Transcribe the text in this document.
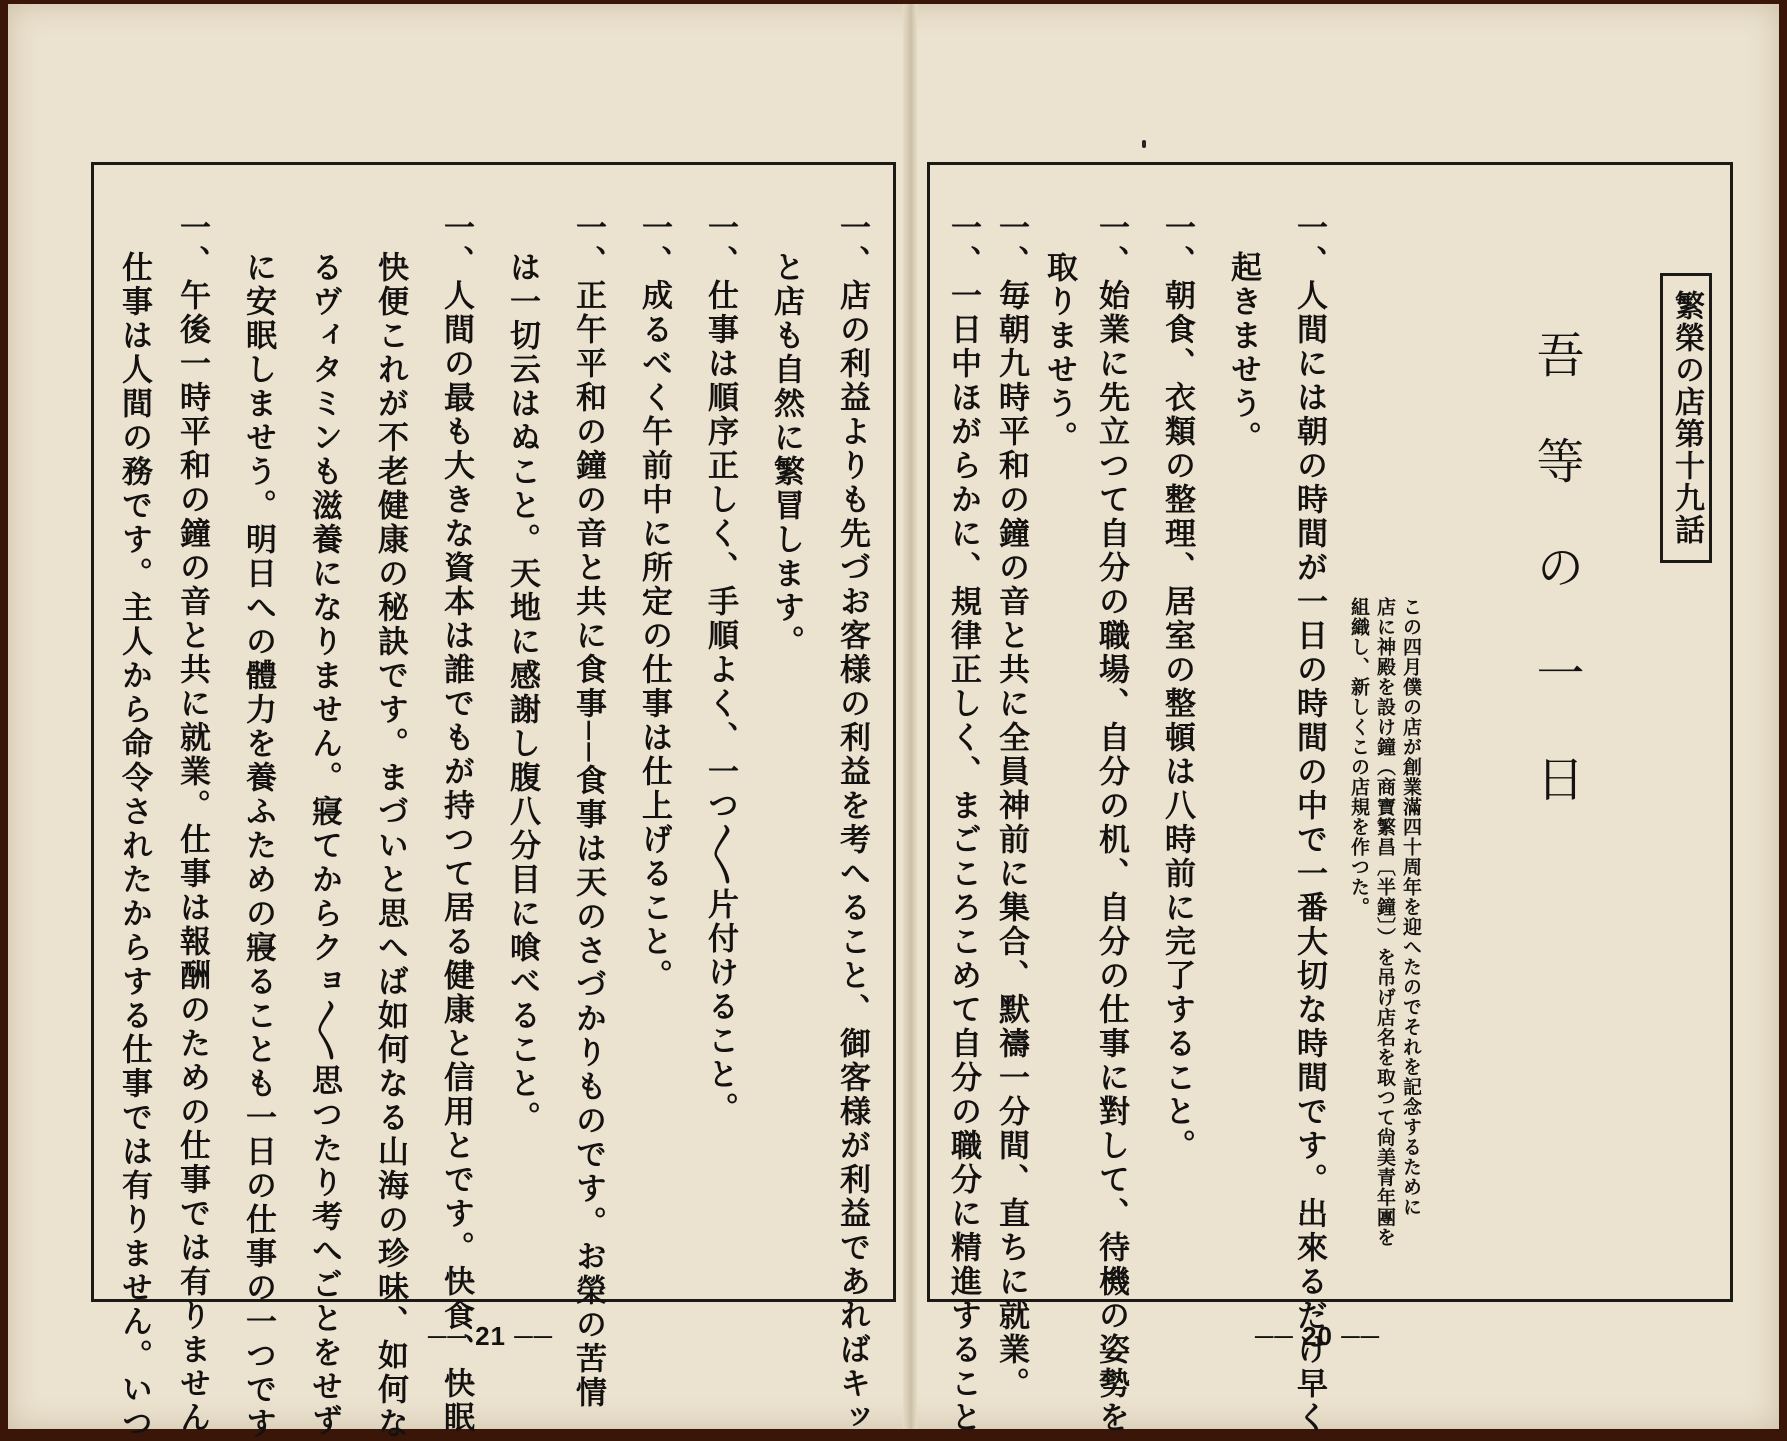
一、店の利益よりも先づお客様の利益を考へること、御客様が利益であればキッ
と店も自然に繁冒します。
一、仕事は順序正しく、手順よく、一つ〳〵片付けること。
一、成るべく午前中に所定の仕事は仕上げること。
一、正午平和の鐘の音と共に食事──食事は天のさづかりものです。お榮の苦情
は一切云はぬこと。天地に感謝し腹八分目に喰べること。
一、人間の最も大きな資本は誰でもが持つて居る健康と信用とです。快食、快眠
快便これが不老健康の秘訣です。まづいと思へば如何なる山海の珍味、如何な
るヴィタミンも滋養になりません。寢てからクョ〳〵思つたり考へごとをせず
に安眠しませう。明日への體力を養ふための寢ることも一日の仕事の一つです
一、午後一時平和の鐘の音と共に就業。仕事は報酬のための仕事では有りません
仕事は人間の務です。主人から命令されたからする仕事では有りません。いつ	── 21 ──
繁榮の店第十九話
吾等の一日
この四月僕の店が創業滿四十周年を迎へたのでそれを記念するために
店に神殿を設け鐘（商寶繁昌〔半鐘〕）を吊げ店名を取つて尙美青年團を
組織し、新しくこの店規を作つた。
一、人間には朝の時間が一日の時間の中で一番大切な時間です。出來るだけ早く
起きませう。
一、朝食、衣類の整理、居室の整頓は八時前に完了すること。
一、始業に先立つて自分の職場、自分の机、自分の仕事に對して、待機の姿勢を
取りませう。
一、毎朝九時平和の鐘の音と共に全員神前に集合、默禱一分間、直ちに就業。
一、一日中ほがらかに、規律正しく、まごころこめて自分の職分に精進すること	── 20 ──
